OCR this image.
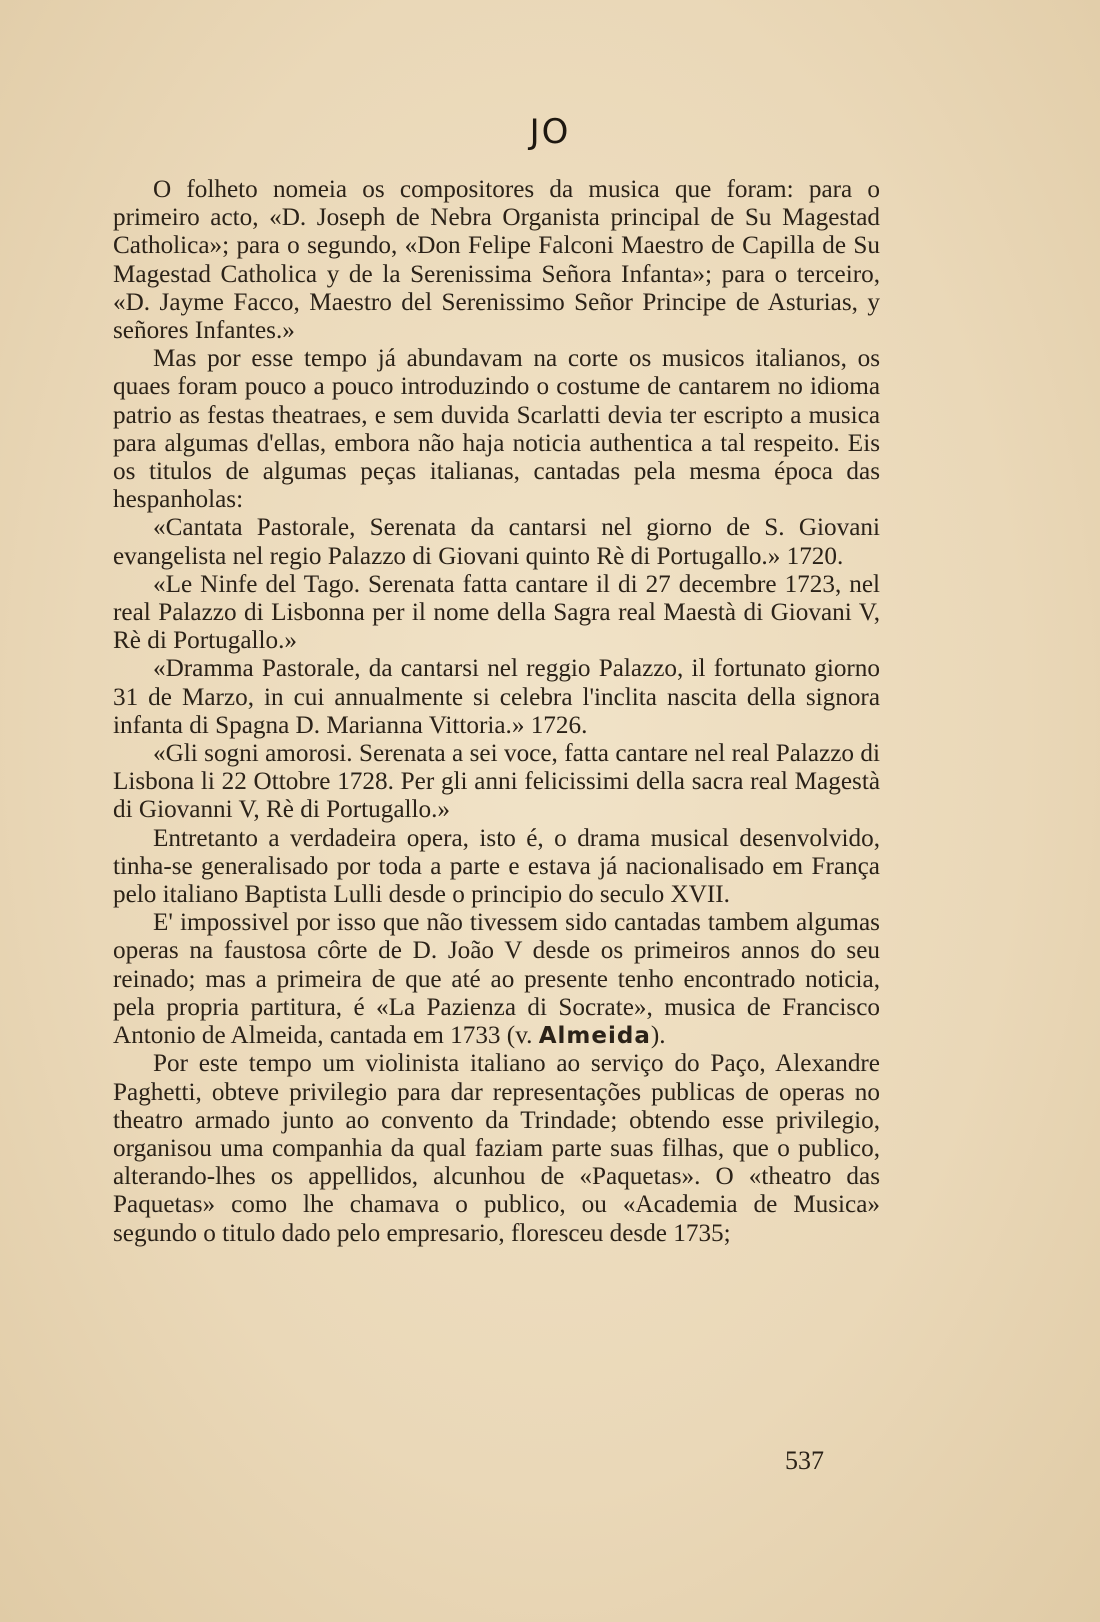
JO

O folheto nomeia os compositores da musica que foram: para o primeiro acto, «D. Joseph de Nebra Organista principal de Su Magestad Catholica»; para o segundo, «Don Felipe Falconi Maestro de Capilla de Su Magestad Catholica y de la Serenissima Señora Infanta»; para o terceiro, «D. Jayme Facco, Maestro del Serenissimo Señor Principe de Asturias, y señores Infantes.»

Mas por esse tempo já abundavam na corte os musicos italianos, os quaes foram pouco a pouco introduzindo o costume de cantarem no idioma patrio as festas theatraes, e sem duvida Scarlatti devia ter escripto a musica para algumas d'ellas, embora não haja noticia authentica a tal respeito. Eis os titulos de algumas peças italianas, cantadas pela mesma época das hespanholas:

«Cantata Pastorale, Serenata da cantarsi nel giorno de S. Giovani evangelista nel regio Palazzo di Giovani quinto Rè di Portugallo.» 1720.

«Le Ninfe del Tago. Serenata fatta cantare il di 27 decembre 1723, nel real Palazzo di Lisbonna per il nome della Sagra real Maestà di Giovani V, Rè di Portugallo.»

«Dramma Pastorale, da cantarsi nel reggio Palazzo, il fortunato giorno 31 de Marzo, in cui annualmente si celebra l'inclita nascita della signora infanta di Spagna D. Marianna Vittoria.» 1726.

«Gli sogni amorosi. Serenata a sei voce, fatta cantare nel real Palazzo di Lisbona li 22 Ottobre 1728. Per gli anni felicissimi della sacra real Magestà di Giovanni V, Rè di Portugallo.»

Entretanto a verdadeira opera, isto é, o drama musical desenvolvido, tinha-se generalisado por toda a parte e estava já nacionalisado em França pelo italiano Baptista Lulli desde o principio do seculo XVII.

E' impossivel por isso que não tivessem sido cantadas tambem algumas operas na faustosa côrte de D. João V desde os primeiros annos do seu reinado; mas a primeira de que até ao presente tenho encontrado noticia, pela propria partitura, é «La Pazienza di Socrate», musica de Francisco Antonio de Almeida, cantada em 1733 (v. Almeida).

Por este tempo um violinista italiano ao serviço do Paço, Alexandre Paghetti, obteve privilegio para dar representações publicas de operas no theatro armado junto ao convento da Trindade; obtendo esse privilegio, organisou uma companhia da qual faziam parte suas filhas, que o publico, alterando-lhes os appellidos, alcunhou de «Paquetas». O «theatro das Paquetas» como lhe chamava o publico, ou «Academia de Musica» segundo o titulo dado pelo empresario, floresceu desde 1735;

537
